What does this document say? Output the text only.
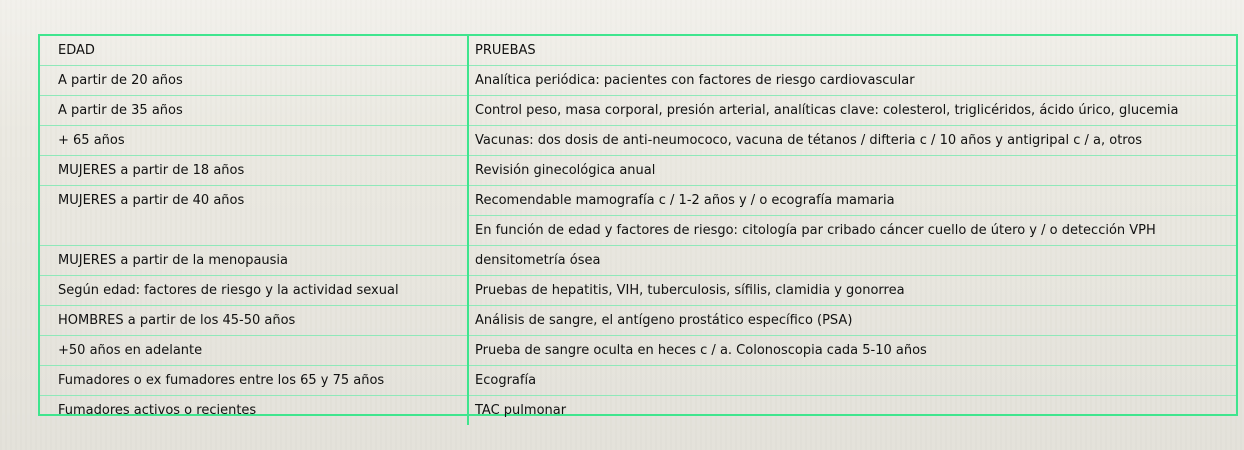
EDAD	PRUEBAS
A partir de 20 años	Analítica periódica: pacientes con factores de riesgo cardiovascular
A partir de 35 años	Control peso, masa corporal, presión arterial, analíticas clave: colesterol, triglicéridos, ácido úrico, glucemia
+ 65 años	Vacunas: dos dosis de anti-neumococo, vacuna de tétanos / difteria c / 10 años y antigripal c / a, otros
MUJERES a partir de 18 años	Revisión ginecológica anual
MUJERES a partir de 40 años	Recomendable mamografía c / 1-2 años y / o ecografía mamaria
	En función de edad y factores de riesgo: citología par cribado cáncer cuello de útero y / o detección VPH
MUJERES a partir de la menopausia	densitometría ósea
Según edad: factores de riesgo y la actividad sexual	Pruebas de hepatitis, VIH, tuberculosis, sífilis, clamidia y gonorrea
HOMBRES a partir de los 45-50 años	Análisis de sangre, el antígeno prostático específico (PSA)
+50 años en adelante	Prueba de sangre oculta en heces c / a. Colonoscopia cada 5-10 años
Fumadores o ex fumadores entre los 65 y 75 años	Ecografía
Fumadores activos o recientes	TAC pulmonar
